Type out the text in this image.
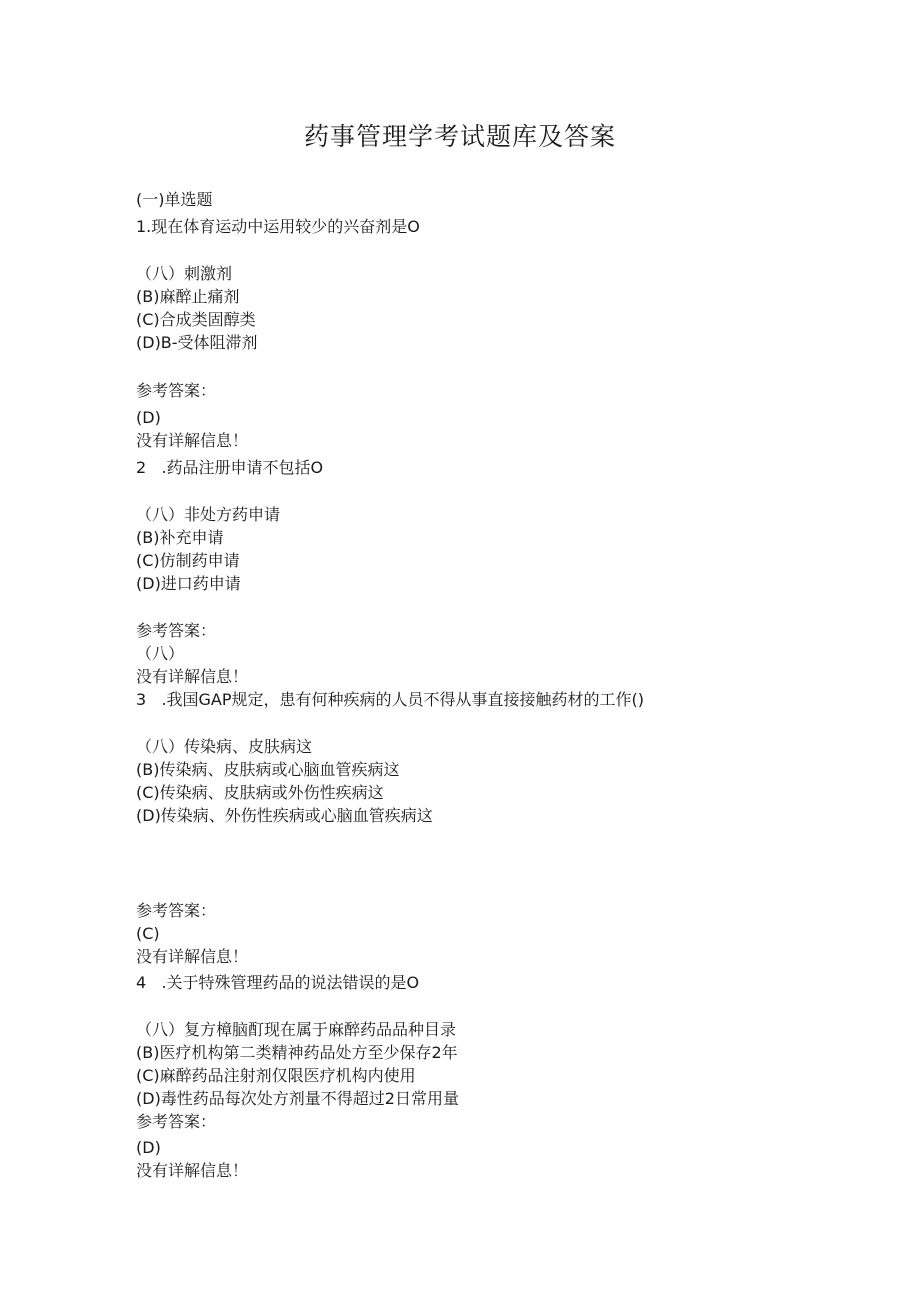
药事管理学考试题库及答案
(一)单选题
1.现在体育运动中运用较少的兴奋剂是O
（八）刺激剂
(B)麻醉止痛剂
(C)合成类固醇类
(D)B-受体阻滞剂
参考答案：
(D)
没有详解信息！
2   .药品注册申请不包括O
（八）非处方药申请
(B)补充申请
(C)仿制药申请
(D)进口药申请
参考答案：
（八）
没有详解信息！
3   .我国GAP规定，患有何种疾病的人员不得从事直接接触药材的工作()
（八）传染病、皮肤病这
(B)传染病、皮肤病或心脑血管疾病这
(C)传染病、皮肤病或外伤性疾病这
(D)传染病、外伤性疾病或心脑血管疾病这
参考答案：
(C)
没有详解信息！
4   .关于特殊管理药品的说法错误的是O
（八）复方樟脑酊现在属于麻醉药品品种目录
(B)医疗机构第二类精神药品处方至少保存2年
(C)麻醉药品注射剂仅限医疗机构内使用
(D)毒性药品每次处方剂量不得超过2日常用量
参考答案：
(D)
没有详解信息！
